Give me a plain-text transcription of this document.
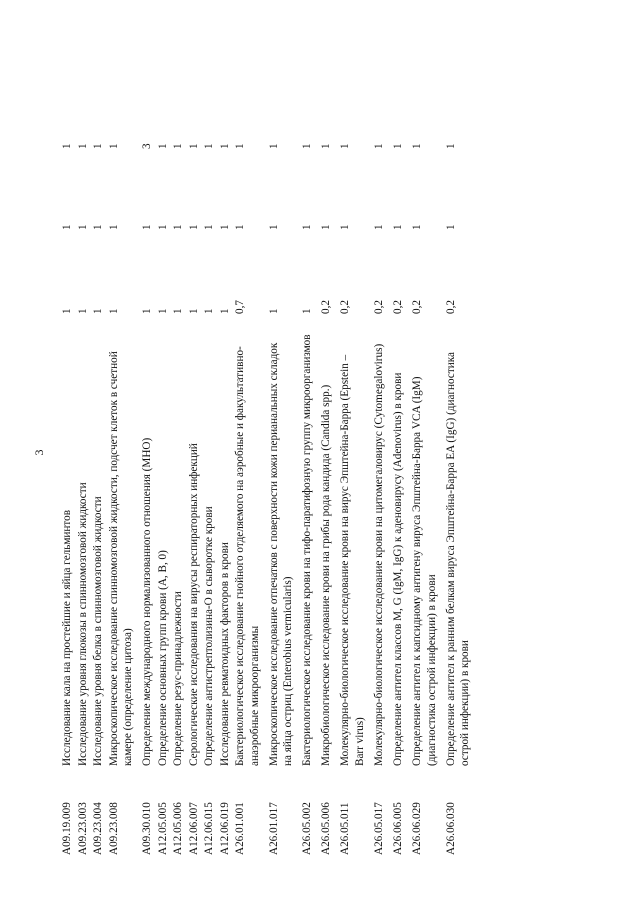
3
A09.19.009
Исследование кала на простейшие и яйца гельминтов
1
1
1
A09.23.003
Исследование уровня глюкозы в спинномозговой жидкости
1
1
1
A09.23.004
Исследование уровня белка в спинномозговой жидкости
1
1
1
A09.23.008
Микроскопическое исследование спинномозговой жидкости, подсчет клеток в счетной камере (определение цитоза)
1
1
1
A09.30.010
Определение международного нормализованного отношения (МНО)
1
1
3
A12.05.005
Определение основных групп крови (A, B, 0)
1
1
1
A12.05.006
Определение резус-принадлежности
1
1
1
A12.06.007
Серологические исследования на вирусы респираторных инфекций
1
1
1
A12.06.015
Определение антистрептолизина-O в сыворотке крови
1
1
1
A12.06.019
Исследование ревматоидных факторов в крови
1
1
1
A26.01.001
Бактериологическое исследование гнойного отделяемого на аэробные и факультативно-анаэробные микроорганизмы
0,7
1
1
A26.01.017
Микроскопическое исследование отпечатков с поверхности кожи перианальных складок на яйца остриц (Enterobius vermicularis)
1
1
1
A26.05.002
Бактериологическое исследование крови на тифо-паратифозную группу микроорганизмов
1
1
1
A26.05.006
Микробиологическое исследование крови на грибы рода кандида (Candida spp.)
0,2
1
1
A26.05.011
Молекулярно-биологическое исследование крови на вирус Эпштейна-Барра (Epstein – Barr virus)
0,2
1
1
A26.05.017
Молекулярно-биологическое исследование крови на цитомегаловирус (Cytomegalovirus)
0,2
1
1
A26.06.005
Определение антител классов M, G (IgM, IgG) к аденовирусу (Adenovirus) в крови
0,2
1
1
A26.06.029
Определение антител к капсидному антигену вируса Эпштейна-Барра VCA (IgM) (диагностика острой инфекции) в крови
0,2
1
1
A26.06.030
Определение антител к ранним белкам вируса Эпштейна-Барра EA (IgG) (диагностика острой инфекции) в крови
0,2
1
1
